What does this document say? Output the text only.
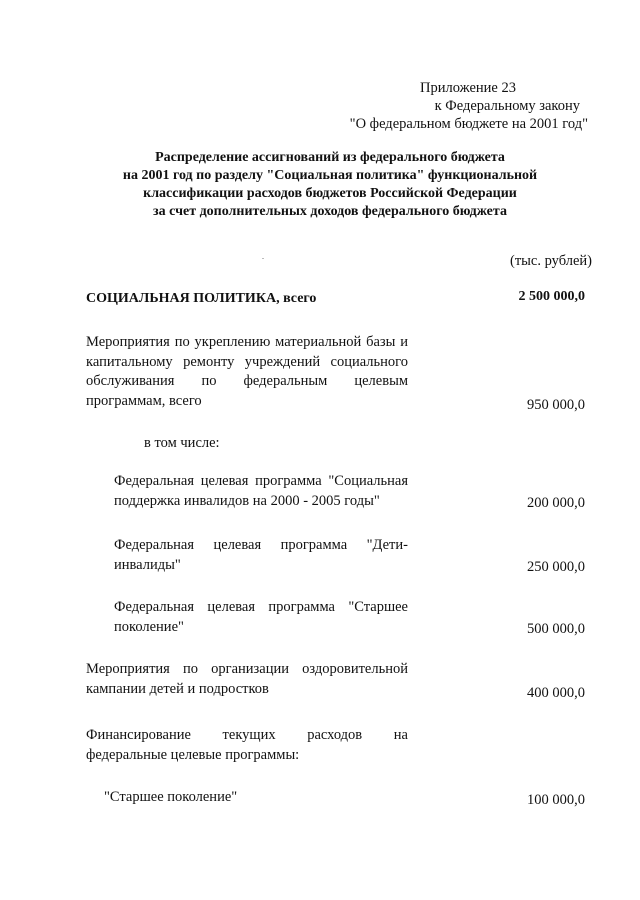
Приложение 23
к Федеральному закону
"О федеральном бюджете на 2001 год"
Распределение ассигнований из федерального бюджета
на 2001 год по разделу "Социальная политика" функциональной
классификации расходов бюджетов Российской Федерации
за счет дополнительных доходов федерального бюджета
(тыс. рублей)
СОЦИАЛЬНАЯ ПОЛИТИКА, всего	2 500 000,0
Мероприятия по укреплению материальной базы и
капитальному ремонту учреждений социального
обслуживания по федеральным целевым
программам, всего	950 000,0
в том числе:
Федеральная целевая программа "Социальная
поддержка инвалидов на 2000 - 2005 годы"	200 000,0
Федеральная целевая программа "Дети-
инвалиды"	250 000,0
Федеральная целевая программа "Старшее
поколение"	500 000,0
Мероприятия по организации оздоровительной
кампании детей и подростков	400 000,0
Финансирование текущих расходов на
федеральные целевые программы:
"Старшее поколение"	100 000,0
